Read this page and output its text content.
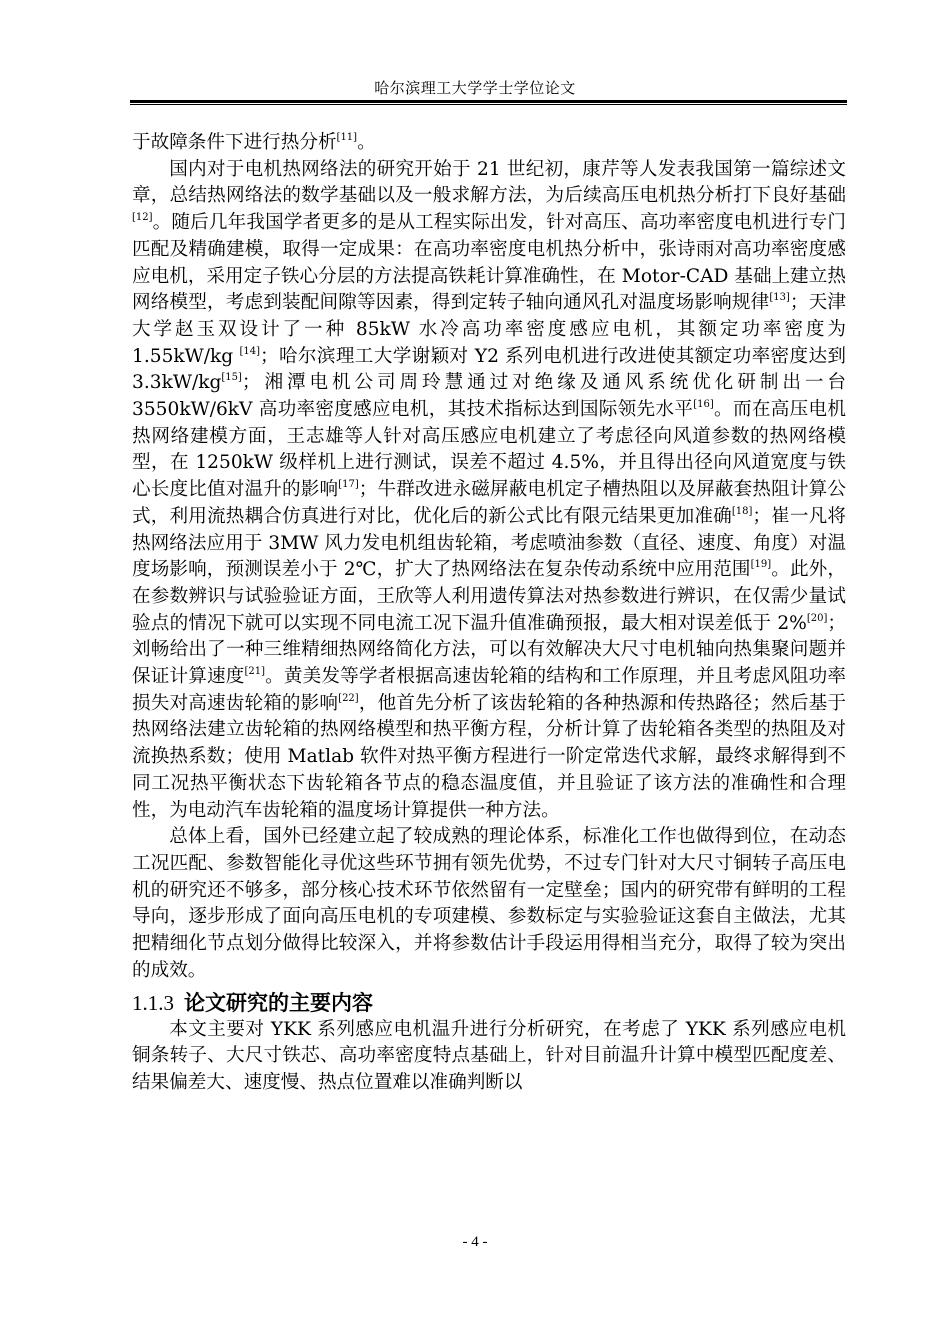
哈尔滨理工大学学士学位论文

于故障条件下进行热分析[11]。

国内对于电机热网络法的研究开始于 21 世纪初，康芹等人发表我国第一篇综述文章，总结热网络法的数学基础以及一般求解方法，为后续高压电机热分析打下良好基础[12]。随后几年我国学者更多的是从工程实际出发，针对高压、高功率密度电机进行专门匹配及精确建模，取得一定成果：在高功率密度电机热分析中，张诗雨对高功率密度感应电机，采用定子铁心分层的方法提高铁耗计算准确性，在 Motor-CAD 基础上建立热网络模型，考虑到装配间隙等因素，得到定转子轴向通风孔对温度场影响规律[13]；天津大学赵玉双设计了一种 85kW 水冷高功率密度感应电机，其额定功率密度为 1.55kW/kg [14]；哈尔滨理工大学谢颖对 Y2 系列电机进行改进使其额定功率密度达到 3.3kW/kg[15]；湘潭电机公司周玲慧通过对绝缘及通风系统优化研制出一台 3550kW/6kV 高功率密度感应电机，其技术指标达到国际领先水平[16]。而在高压电机热网络建模方面，王志雄等人针对高压感应电机建立了考虑径向风道参数的热网络模型，在 1250kW 级样机上进行测试，误差不超过 4.5%，并且得出径向风道宽度与铁心长度比值对温升的影响[17]；牛群改进永磁屏蔽电机定子槽热阻以及屏蔽套热阻计算公式，利用流热耦合仿真进行对比，优化后的新公式比有限元结果更加准确[18]；崔一凡将热网络法应用于 3MW 风力发电机组齿轮箱，考虑喷油参数（直径、速度、角度）对温度场影响，预测误差小于 2℃，扩大了热网络法在复杂传动系统中应用范围[19]。此外，在参数辨识与试验验证方面，王欣等人利用遗传算法对热参数进行辨识，在仅需少量试验点的情况下就可以实现不同电流工况下温升值准确预报，最大相对误差低于 2%[20]；刘畅给出了一种三维精细热网络简化方法，可以有效解决大尺寸电机轴向热集聚问题并保证计算速度[21]。黄美发等学者根据高速齿轮箱的结构和工作原理，并且考虑风阻功率损失对高速齿轮箱的影响[22]，他首先分析了该齿轮箱的各种热源和传热路径；然后基于热网络法建立齿轮箱的热网络模型和热平衡方程，分析计算了齿轮箱各类型的热阻及对流换热系数；使用 Matlab 软件对热平衡方程进行一阶定常迭代求解，最终求解得到不同工况热平衡状态下齿轮箱各节点的稳态温度值，并且验证了该方法的准确性和合理性，为电动汽车齿轮箱的温度场计算提供一种方法。

总体上看，国外已经建立起了较成熟的理论体系，标准化工作也做得到位，在动态工况匹配、参数智能化寻优这些环节拥有领先优势，不过专门针对大尺寸铜转子高压电机的研究还不够多，部分核心技术环节依然留有一定壁垒；国内的研究带有鲜明的工程导向，逐步形成了面向高压电机的专项建模、参数标定与实验验证这套自主做法，尤其把精细化节点划分做得比较深入，并将参数估计手段运用得相当充分，取得了较为突出的成效。

1.1.3 论文研究的主要内容

本文主要对 YKK 系列感应电机温升进行分析研究，在考虑了 YKK 系列感应电机铜条转子、大尺寸铁芯、高功率密度特点基础上，针对目前温升计算中模型匹配度差、结果偏差大、速度慢、热点位置难以准确判断以

- 4 -
